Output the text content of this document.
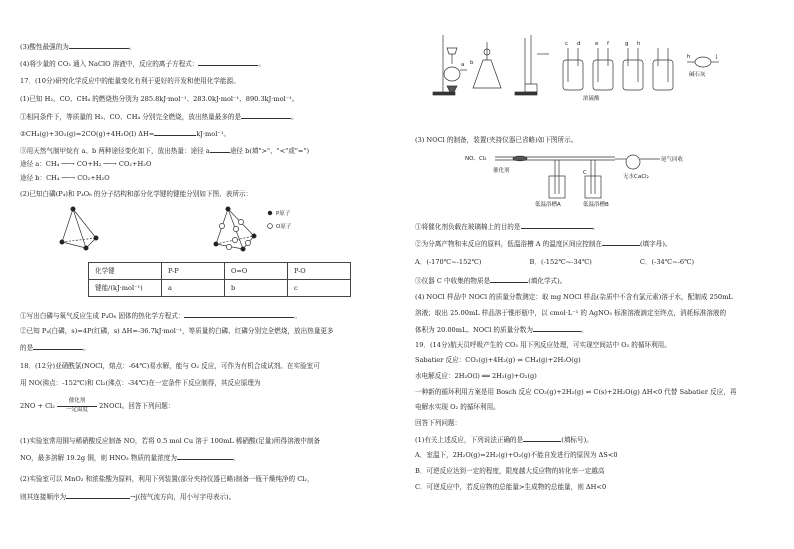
(3)酸性最强的为	。
(4)将少量的 CO₂ 通入 NaClO 溶液中，反应的离子方程式：	。
17．(10分)研究化学反应中的能量变化有利于更好的开发和使用化学能源。
(1)已知 H₂、CO、CH₄ 的燃烧热分别为 285.8kJ·mol⁻¹、283.0kJ·mol⁻¹、890.3kJ·mol⁻¹。
①相同条件下，等质量的 H₂、CO、CH₄ 分别完全燃烧，放出热量最多的是	。
②CH₄(g)+3O₂(g)=2CO(g)+4H₂O(l) ΔH=	kJ·mol⁻¹。
③用天然气制甲烷有 a、b 两种途径变化如下，放出热量：途径 a	途径 b(填">"、"<"或"=")
途径 a：CH₄ ──→ CO+H₂ ──→ CO₂+H₂O
途径 b：CH₄ ──→ CO₂+H₂O
(2)已知白磷(P₄)和 P₄O₆ 的分子结构和部分化学键的键能分别如下图、表所示：
P原子
O原子
化学键	P-P	O=O	P-O
键能/(kJ·mol⁻¹)	a	b	c
①写出白磷与氧气反应生成 P₄O₆ 固体的热化学方程式：	。
②已知 P₄(白磷，s)=4P(红磷，s) ΔH=-36.7kJ·mol⁻¹，等质量的白磷、红磷分别完全燃烧，放出热量更多
的是	。
18．(12分)亚硝酰氯(NOCl，熔点：-64℃)易水解，能与 O₂ 反应，可作为有机合成试剂。在实验室可
用 NO(沸点：-152℃)和 Cl₂(沸点：-34℃)在一定条件下反应制得，其反应原理为
2NO + Cl₂
催化剂
一定温度	2NOCl。回答下列问题：
(1)实验室常用铜与稀硝酸反应制备 NO，若将 0.5 mol Cu 溶于 100mL 稀硝酸(足量)所得溶液中制备
NO，最多溶解 19.2g 铜，则 HNO₃ 物质的量浓度为	。
(2)实验室可以 MnO₂ 和浓盐酸为原料，利用下列装置(部分夹持仪器已略)制备一瓶干燥纯净的 Cl₂，
则其连接顺序为	→j(按气流方向，用小写字母表示)。
a b
c d	e f	g h
h	j
浓硫酸
碱石灰
(3) NOCl 的制备，装置(夹持仪器已省略)如下图所示。
NO、Cl₂
催化剂
尾气回收
无水CaCl₂
C
低温浴槽A	低温浴槽B
①将催化剂负载在玻璃棉上的目的是	。
②为分离产物和未反应的原料，低温浴槽 A 的温度区间应控制在	(填字母)。
A．(-170℃~-152℃)	B．(-152℃~-34℃)	C．(-34℃~-6℃)
③仪器 C 中收集的物质是	(填化学式)。
(4) NOCl 样品中 NOCl 的质量分数测定：取 mg NOCl 样品(杂质中不含有氯元素)溶于水，配制成 250mL
溶液；取出 25.00mL 样品溶于锥形瓶中，以 cmol·L⁻¹ 的 AgNO₃ 标准溶液滴定至终点，消耗标准溶液的
体积为 20.00mL。NOCl 的质量分数为	。
19．(14分)航天员呼吸产生的 CO₂ 用下列反应处理，可实现空间站中 O₂ 的循环利用。
Sabatier 反应：CO₂(g)+4H₂(g) ⇌ CH₄(g)+2H₂O(g)
水电解反应：2H₂O(l) ══ 2H₂(g)+O₂(g)
一种新的循环利用方案是用 Bosch 反应 CO₂(g)+2H₂(g) ⇌ C(s)+2H₂O(g) ΔH<0 代替 Sabatier 反应，再
电解水实现 O₂ 的循环利用。
回答下列问题：
(1)有关上述反应，下列说法正确的是	(填标号)。
A．室温下，2H₂O(g)=2H₂(g)+O₂(g)不能自发进行的原因为 ΔS<0
B．可逆反应达到一定的程度，限度越大反应物的转化率一定越高
C．可逆反应中，若反应物的总能量>生成物的总能量，则 ΔH<0
